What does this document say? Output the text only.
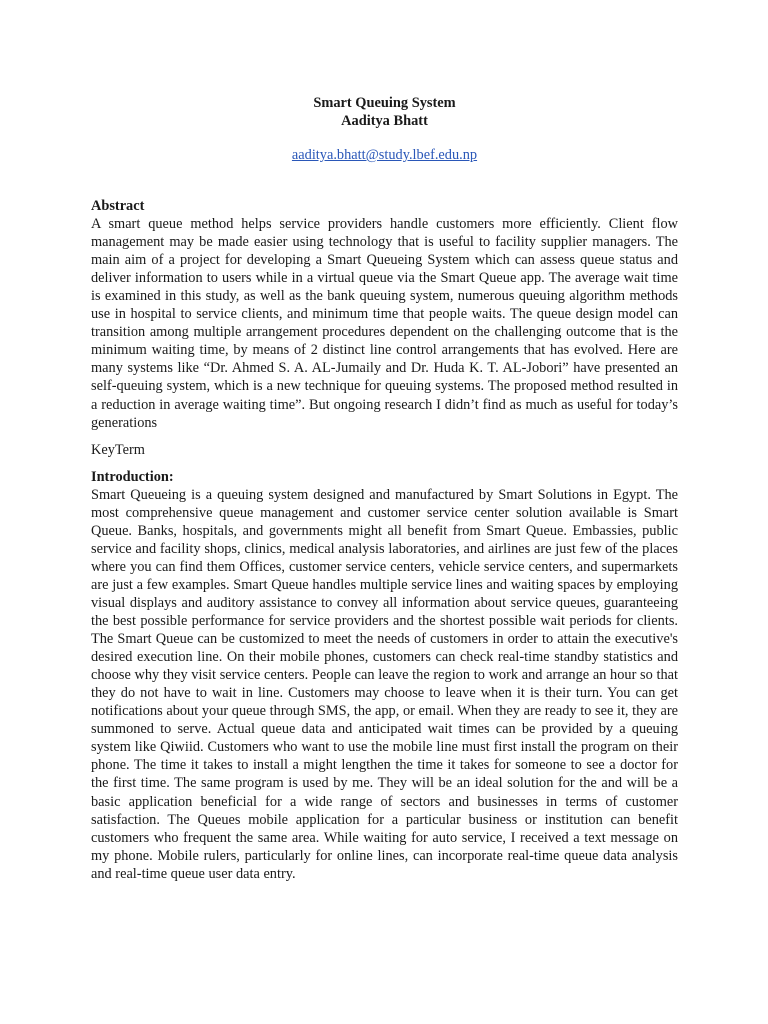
Smart Queuing System
Aaditya Bhatt
aaditya.bhatt@study.lbef.edu.np
Abstract

A smart queue method helps service providers handle customers more efficiently. Client flow management may be made easier using technology that is useful to facility supplier managers. The main aim of a project for developing a Smart Queueing System which can assess queue status and deliver information to users while in a virtual queue via the Smart Queue app. The average wait time is examined in this study, as well as the bank queuing system, numerous queuing algorithm methods use in hospital to service clients, and minimum time that people waits. The queue design model can transition among multiple arrangement procedures dependent on the challenging outcome that is the minimum waiting time, by means of 2 distinct line control arrangements that has evolved. Here are many systems like “Dr. Ahmed S. A. AL-Jumaily and Dr. Huda K. T. AL-Jobori” have presented an self-queuing system, which is a new technique for queuing systems. The proposed method resulted in a reduction in average waiting time”. But ongoing research I didn’t find as much as useful for today’s generations

KeyTerm
Introduction:

Smart Queueing is a queuing system designed and manufactured by Smart Solutions in Egypt. The most comprehensive queue management and customer service center solution available is Smart Queue. Banks, hospitals, and governments might all benefit from Smart Queue. Embassies, public service and facility shops, clinics, medical analysis laboratories, and airlines are just few of the places where you can find them Offices, customer service centers, vehicle service centers, and supermarkets are just a few examples. Smart Queue handles multiple service lines and waiting spaces by employing visual displays and auditory assistance to convey all information about service queues, guaranteeing the best possible performance for service providers and the shortest possible wait periods for clients. The Smart Queue can be customized to meet the needs of customers in order to attain the executive's desired execution line. On their mobile phones, customers can check real-time standby statistics and choose why they visit service centers. People can leave the region to work and arrange an hour so that they do not have to wait in line. Customers may choose to leave when it is their turn. You can get notifications about your queue through SMS, the app, or email. When they are ready to see it, they are summoned to serve. Actual queue data and anticipated wait times can be provided by a queuing system like Qiwiid. Customers who want to use the mobile line must first install the program on their phone. The time it takes to install a might lengthen the time it takes for someone to see a doctor for the first time. The same program is used by me. They will be an ideal solution for the and will be a basic application beneficial for a wide range of sectors and businesses in terms of customer satisfaction. The Queues mobile application for a particular business or institution can benefit customers who frequent the same area. While waiting for auto service, I received a text message on my phone. Mobile rulers, particularly for online lines, can incorporate real-time queue data analysis and real-time queue user data entry.
